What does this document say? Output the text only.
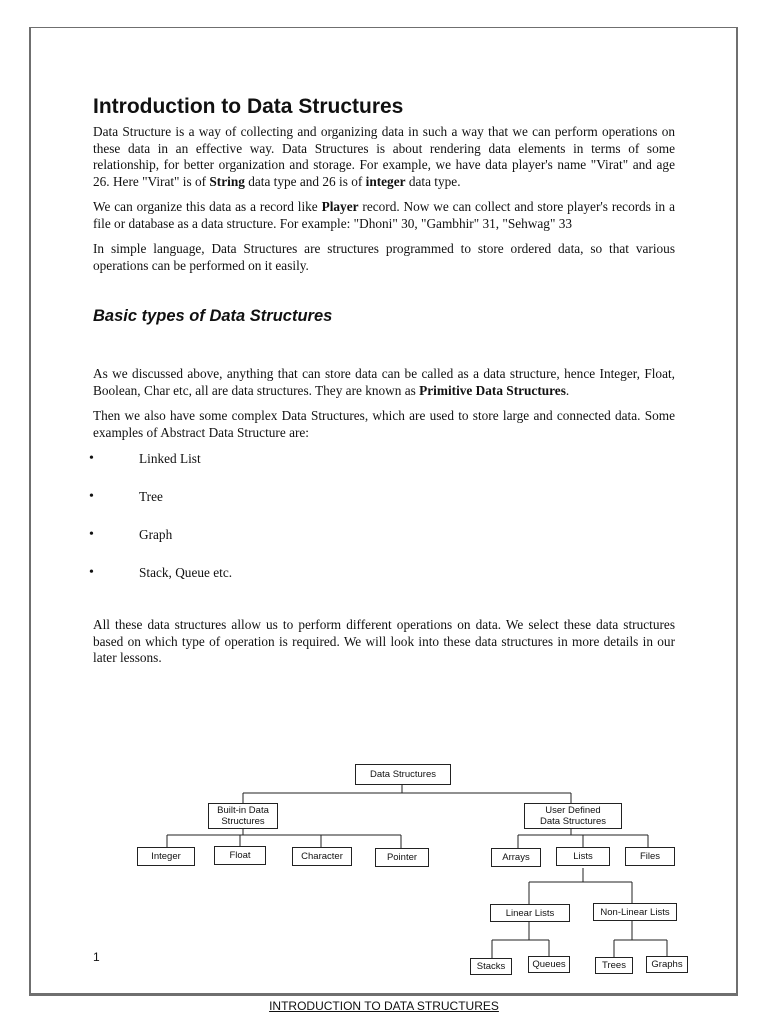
Introduction to Data Structures

Data Structure is a way of collecting and organizing data in such a way that we can perform operations on these data in an effective way. Data Structures is about rendering data elements in terms of some relationship, for better organization and storage. For example, we have data player's name "Virat" and age 26. Here "Virat" is of String data type and 26 is of integer data type.

We can organize this data as a record like Player record. Now we can collect and store player's records in a file or database as a data structure. For example: "Dhoni" 30, "Gambhir" 31, "Sehwag" 33

In simple language, Data Structures are structures programmed to store ordered data, so that various operations can be performed on it easily.

Basic types of Data Structures

As we discussed above, anything that can store data can be called as a data structure, hence Integer, Float, Boolean, Char etc, all are data structures. They are known as Primitive Data Structures.

Then we also have some complex Data Structures, which are used to store large and connected data. Some examples of Abstract Data Structure are:

• Linked List
• Tree
• Graph
• Stack, Queue etc.

All these data structures allow us to perform different operations on data. We select these data structures based on which type of operation is required. We will look into these data structures in more details in our later lessons.

Data Structures
Built-in Data
Structures
User Defined
Data Structures
Integer	Float	Character	Pointer	Arrays	Lists	Files
Linear Lists	Non-Linear Lists
Stacks	Queues	Trees	Graphs
1
INTRODUCTION TO DATA STRUCTURES
